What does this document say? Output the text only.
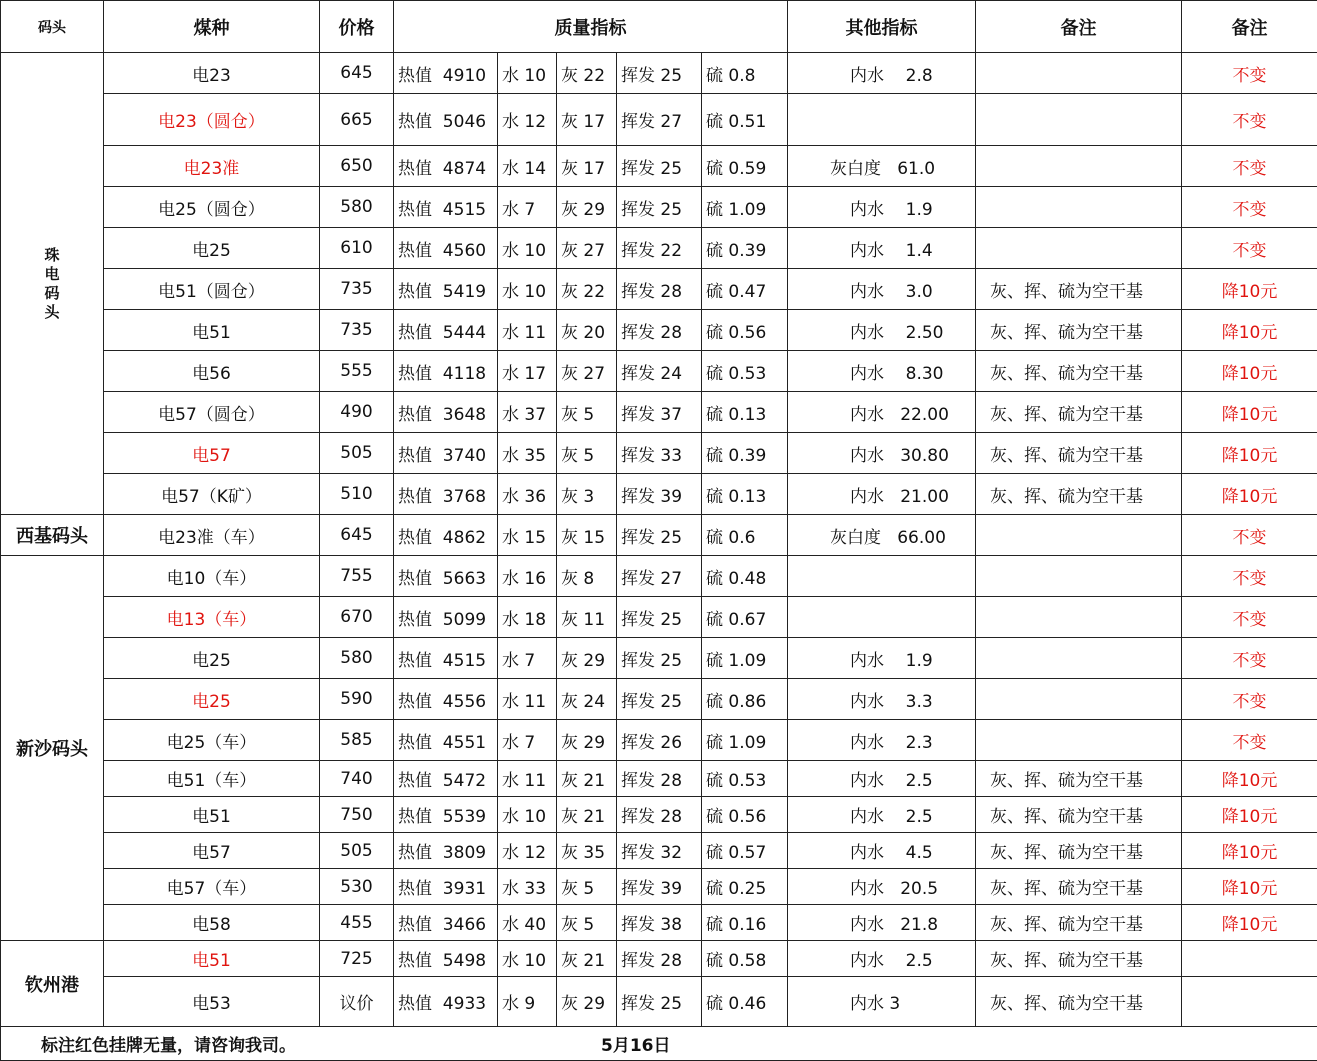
码头	煤种	价格	质量指标					其他指标	备注	备注
珠
电
码
头	电23	645	热值  4910	水 10	灰 22	挥发 25	硫 0.8	内水    2.8		不变
	电23（圆仓）	665	热值  5046	水 12	灰 17	挥发 27	硫 0.51			不变
	电23准	650	热值  4874	水 14	灰 17	挥发 25	硫 0.59	灰白度   61.0		不变
	电25（圆仓）	580	热值  4515	水 7	灰 29	挥发 25	硫 1.09	内水    1.9		不变
	电25	610	热值  4560	水 10	灰 27	挥发 22	硫 0.39	内水    1.4		不变
	电51（圆仓）	735	热值  5419	水 10	灰 22	挥发 28	硫 0.47	内水    3.0	灰、挥、硫为空干基	降10元
	电51	735	热值  5444	水 11	灰 20	挥发 28	硫 0.56	内水    2.50	灰、挥、硫为空干基	降10元
	电56	555	热值  4118	水 17	灰 27	挥发 24	硫 0.53	内水    8.30	灰、挥、硫为空干基	降10元
	电57（圆仓）	490	热值  3648	水 37	灰 5	挥发 37	硫 0.13	内水   22.00	灰、挥、硫为空干基	降10元
	电57	505	热值  3740	水 35	灰 5	挥发 33	硫 0.39	内水   30.80	灰、挥、硫为空干基	降10元
	电57（K矿）	510	热值  3768	水 36	灰 3	挥发 39	硫 0.13	内水   21.00	灰、挥、硫为空干基	降10元
西基码头	电23准（车）	645	热值  4862	水 15	灰 15	挥发 25	硫 0.6	灰白度   66.00		不变
新沙码头	电10（车）	755	热值  5663	水 16	灰 8	挥发 27	硫 0.48			不变
	电13（车）	670	热值  5099	水 18	灰 11	挥发 25	硫 0.67			不变
	电25	580	热值  4515	水 7	灰 29	挥发 25	硫 1.09	内水    1.9		不变
	电25	590	热值  4556	水 11	灰 24	挥发 25	硫 0.86	内水    3.3		不变
	电25（车）	585	热值  4551	水 7	灰 29	挥发 26	硫 1.09	内水    2.3		不变
	电51（车）	740	热值  5472	水 11	灰 21	挥发 28	硫 0.53	内水    2.5	灰、挥、硫为空干基	降10元
	电51	750	热值  5539	水 10	灰 21	挥发 28	硫 0.56	内水    2.5	灰、挥、硫为空干基	降10元
	电57	505	热值  3809	水 12	灰 35	挥发 32	硫 0.57	内水    4.5	灰、挥、硫为空干基	降10元
	电57（车）	530	热值  3931	水 33	灰 5	挥发 39	硫 0.25	内水   20.5	灰、挥、硫为空干基	降10元
	电58	455	热值  3466	水 40	灰 5	挥发 38	硫 0.16	内水   21.8	灰、挥、硫为空干基	降10元
钦州港	电51	725	热值  5498	水 10	灰 21	挥发 28	硫 0.58	内水    2.5	灰、挥、硫为空干基	
	电53	议价	热值  4933	水 9	灰 29	挥发 25	硫 0.46	内水 3	灰、挥、硫为空干基	
标注红色挂牌无量，请咨询我司。 5月16日										
